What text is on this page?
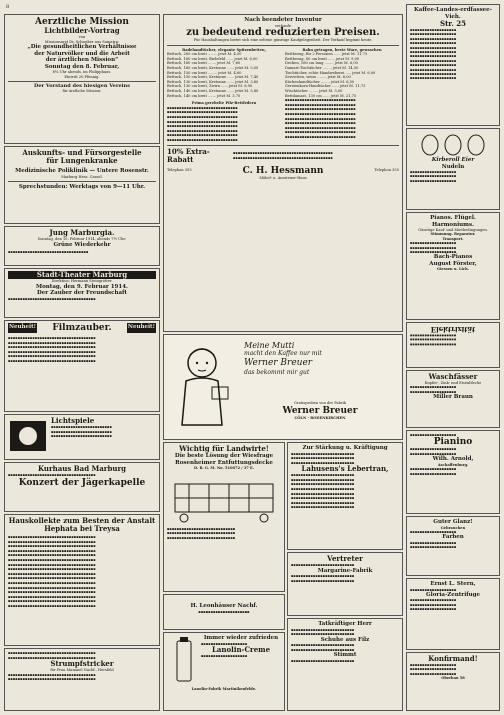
8
Aerztliche Mission
Lichtbilder-Vortrag
von
Missionsarzt Dr. Schreiber aus Sumatra:
„Die gesundheitlichen Verhältnisse
der Naturvölker und die Arbeit
der ärztlichen Mission“
Sonntag den 8. Februar,
8¼ Uhr abends, im Philipphaus.
Eintritt 20 Pfennig.
Der Vorstand des hiesigen Vereins
für ärztliche Mission:
Auskunfts- und Fürsorgestelle
für Lungenkranke
Medizinische Poliklinik — Untere Rosenstr.
Marburg Hess. Cassel.
Sprechstunden: Werktags von 9—11 Uhr.
Jung Marburgia.
Sonntag, den 15. Februar 1914, abends 7½ Uhr:
Grüne Wiederkehr
▪▪▪▪▪▪▪▪▪▪▪▪▪▪▪▪▪▪▪▪▪▪▪▪▪▪▪▪▪▪▪▪▪
Stadt-Theater Marburg
Direktion: Hermann Steingrötter.
Montag, den 9. Februar 1914.
Der Zauber der Freundschaft
▪▪▪▪▪▪▪▪▪▪▪▪▪▪▪▪▪▪▪▪▪▪▪▪▪▪▪▪▪▪▪▪▪▪▪▪
Neuheit! Filmzauber.	Neuheit!
▪▪▪▪▪▪▪▪▪▪▪▪▪▪▪▪▪▪▪▪▪▪▪▪▪▪▪▪▪▪▪▪▪▪▪▪
▪▪▪▪▪▪▪▪▪▪▪▪▪▪▪▪▪▪▪▪▪▪▪▪▪▪▪▪▪▪▪▪▪▪▪▪
▪▪▪▪▪▪▪▪▪▪▪▪▪▪▪▪▪▪▪▪▪▪▪▪▪▪▪▪▪▪▪▪▪▪▪▪
▪▪▪▪▪▪▪▪▪▪▪▪▪▪▪▪▪▪▪▪▪▪▪▪▪▪▪▪▪▪▪▪▪▪▪▪
▪▪▪▪▪▪▪▪▪▪▪▪▪▪▪▪▪▪▪▪▪▪▪▪▪▪▪▪▪▪▪▪▪▪▪▪
▪▪▪▪▪▪▪▪▪▪▪▪▪▪▪▪▪▪▪▪▪▪▪▪▪▪▪▪▪▪▪▪▪▪▪▪
Lichtspiele
▪▪▪▪▪▪▪▪▪▪▪▪▪▪▪▪▪▪▪▪▪▪▪▪▪
▪▪▪▪▪▪▪▪▪▪▪▪▪▪▪▪▪▪▪▪▪▪▪▪▪
▪▪▪▪▪▪▪▪▪▪▪▪▪▪▪▪▪▪▪▪▪▪▪▪▪
Kurhaus Bad Marburg
▪▪▪▪▪▪▪▪▪▪▪▪▪▪▪▪▪▪▪▪▪▪▪▪▪▪▪▪▪▪▪▪▪▪▪▪
Konzert der Jägerkapelle
Hauskollekte zum Besten der Anstalt Hephata bei Treysa
▪▪▪▪▪▪▪▪▪▪▪▪▪▪▪▪▪▪▪▪▪▪▪▪▪▪▪▪▪▪▪▪▪▪▪▪
▪▪▪▪▪▪▪▪▪▪▪▪▪▪▪▪▪▪▪▪▪▪▪▪▪▪▪▪▪▪▪▪▪▪▪▪
▪▪▪▪▪▪▪▪▪▪▪▪▪▪▪▪▪▪▪▪▪▪▪▪▪▪▪▪▪▪▪▪▪▪▪▪
▪▪▪▪▪▪▪▪▪▪▪▪▪▪▪▪▪▪▪▪▪▪▪▪▪▪▪▪▪▪▪▪▪▪▪▪
▪▪▪▪▪▪▪▪▪▪▪▪▪▪▪▪▪▪▪▪▪▪▪▪▪▪▪▪▪▪▪▪▪▪▪▪
▪▪▪▪▪▪▪▪▪▪▪▪▪▪▪▪▪▪▪▪▪▪▪▪▪▪▪▪▪▪▪▪▪▪▪▪
▪▪▪▪▪▪▪▪▪▪▪▪▪▪▪▪▪▪▪▪▪▪▪▪▪▪▪▪▪▪▪▪▪▪▪▪
▪▪▪▪▪▪▪▪▪▪▪▪▪▪▪▪▪▪▪▪▪▪▪▪▪▪▪▪▪▪▪▪▪▪▪▪
▪▪▪▪▪▪▪▪▪▪▪▪▪▪▪▪▪▪▪▪▪▪▪▪▪▪▪▪▪▪▪▪▪▪▪▪
▪▪▪▪▪▪▪▪▪▪▪▪▪▪▪▪▪▪▪▪▪▪▪▪▪▪▪▪▪▪▪▪▪▪▪▪
▪▪▪▪▪▪▪▪▪▪▪▪▪▪▪▪▪▪▪▪▪▪▪▪▪▪▪▪▪▪▪▪▪▪▪▪
▪▪▪▪▪▪▪▪▪▪▪▪▪▪▪▪▪▪▪▪▪▪▪▪▪▪▪▪▪▪▪▪▪▪▪▪
▪▪▪▪▪▪▪▪▪▪▪▪▪▪▪▪▪▪▪▪▪▪▪▪▪▪▪▪▪▪▪▪▪▪▪▪
▪▪▪▪▪▪▪▪▪▪▪▪▪▪▪▪▪▪▪▪▪▪▪▪▪▪▪▪▪▪▪▪▪▪▪▪
▪▪▪▪▪▪▪▪▪▪▪▪▪▪▪▪▪▪▪▪▪▪▪▪▪▪▪▪▪▪▪▪▪▪▪▪
▪▪▪▪▪▪▪▪▪▪▪▪▪▪▪▪▪▪▪▪▪▪▪▪▪▪▪▪▪▪▪▪▪▪▪▪
▪▪▪▪▪▪▪▪▪▪▪▪▪▪▪▪▪▪▪▪▪▪▪▪▪▪▪▪▪▪▪▪▪▪▪▪
▪▪▪▪▪▪▪▪▪▪▪▪▪▪▪▪▪▪▪▪▪▪▪▪▪▪▪▪▪▪▪▪▪▪▪▪
Strumpfstricker
für Frau Mammel Nachf., Hersfeld
▪▪▪▪▪▪▪▪▪▪▪▪▪▪▪▪▪▪▪▪▪▪▪▪▪▪▪▪▪▪▪▪▪▪▪▪
▪▪▪▪▪▪▪▪▪▪▪▪▪▪▪▪▪▪▪▪▪▪▪▪▪▪▪▪▪▪▪▪▪▪▪▪
Nach beendeter Inventur
verkaufe
zu bedeutend reduzierten Preisen.
Für Haushaltungen bietet sich eine seltene günstige Kaufgelegenheit. Der Verkauf beginnt heute.
Badehandtücher, elegante Spitzenbetten,
Bettuch, 200 cm breit ........ jetzt M. 4,50
Bettuch, 180 cm breit, Bielefeld ...... jetzt M. 6,00
Bettuch, 160 cm breit ....... jetzt M. 7,60
Bettuch, 160 cm breit, Kretonne ...... jetzt M. 5,00
Bettuch, 150 cm breit ........ jetzt M. 4,60
Bettuch, 150 cm breit, Kretonne ...... jetzt M. 7,40
Bettuch, 130 cm breit, Kretonne ...... jetzt M. 3,80
Bettuch, 130 cm breit, Zwirn ...... jetzt M. 8,90
Bettuch, 140 cm breit, Kretonne ...... jetzt M. 5,80
Bettuch, 140 cm breit ....... jetzt M. 3,75
Prima gerebelte Pilz-Bettfedern
▪▪▪▪▪▪▪▪▪▪▪▪▪▪▪▪▪▪▪▪▪▪▪▪▪▪▪▪▪
▪▪▪▪▪▪▪▪▪▪▪▪▪▪▪▪▪▪▪▪▪▪▪▪▪▪▪▪▪
▪▪▪▪▪▪▪▪▪▪▪▪▪▪▪▪▪▪▪▪▪▪▪▪▪▪▪▪▪
▪▪▪▪▪▪▪▪▪▪▪▪▪▪▪▪▪▪▪▪▪▪▪▪▪▪▪▪▪
▪▪▪▪▪▪▪▪▪▪▪▪▪▪▪▪▪▪▪▪▪▪▪▪▪▪▪▪▪
▪▪▪▪▪▪▪▪▪▪▪▪▪▪▪▪▪▪▪▪▪▪▪▪▪▪▪▪▪
▪▪▪▪▪▪▪▪▪▪▪▪▪▪▪▪▪▪▪▪▪▪▪▪▪▪▪▪▪
▪▪▪▪▪▪▪▪▪▪▪▪▪▪▪▪▪▪▪▪▪▪▪▪▪▪▪▪▪
Bahn getragen, beste Ware, gewaschen
Bettbezug, für 2 Personen ...... jetzt M. 11,75
Bettbezug, 80 cm breit ...... jetzt M. 9,00
Decken, 160 cm lang ........ jetzt M. 6,00
Damast-Tischtücher ........ jetzt M. 14,50
Tischtücher, echte Handweberei ..... jetzt M. 6,00
Servietten, weiss ........ jetzt M. 6,00
Küchenhandtücher ........ jetzt M. 6,50
Gerstenkorn-Handtücher ...... jetzt M. 11,75
Wischtücher ........ jetzt M. 3,00
Bettdamast, 130 cm ...... jetzt M. 21,75
▪▪▪▪▪▪▪▪▪▪▪▪▪▪▪▪▪▪▪▪▪▪▪▪▪▪▪▪▪
▪▪▪▪▪▪▪▪▪▪▪▪▪▪▪▪▪▪▪▪▪▪▪▪▪▪▪▪▪
▪▪▪▪▪▪▪▪▪▪▪▪▪▪▪▪▪▪▪▪▪▪▪▪▪▪▪▪▪
▪▪▪▪▪▪▪▪▪▪▪▪▪▪▪▪▪▪▪▪▪▪▪▪▪▪▪▪▪
▪▪▪▪▪▪▪▪▪▪▪▪▪▪▪▪▪▪▪▪▪▪▪▪▪▪▪▪▪
▪▪▪▪▪▪▪▪▪▪▪▪▪▪▪▪▪▪▪▪▪▪▪▪▪▪▪▪▪
▪▪▪▪▪▪▪▪▪▪▪▪▪▪▪▪▪▪▪▪▪▪▪▪▪▪▪▪▪
▪▪▪▪▪▪▪▪▪▪▪▪▪▪▪▪▪▪▪▪▪▪▪▪▪▪▪▪▪
▪▪▪▪▪▪▪▪▪▪▪▪▪▪▪▪▪▪▪▪▪▪▪▪▪▪▪▪▪
10% Extra-Rabatt
▪▪▪▪▪▪▪▪▪▪▪▪▪▪▪▪▪▪▪▪▪▪▪▪▪▪▪▪▪▪▪▪▪▪▪▪▪▪▪▪▪
▪▪▪▪▪▪▪▪▪▪▪▪▪▪▪▪▪▪▪▪▪▪▪▪▪▪▪▪▪▪▪▪▪▪▪▪▪▪▪▪▪
Telephon 355	C. H. Hessmann	Telephon 355
Möbel- u. Aussteuer-Haus
Meine Mutti
macht den Kaffee nur mit
Werner Breuer
das bekommt mir gut
Gratisproben von der Fabrik
Werner Breuer
CÖLN - RODENKIRCHEN
Wichtig für Landwirte!
Die beste Lösung der Wiesfrage
Rosenheimer Entfuttungsdecke
D. R. G. M. No. 510872 / 37 E.
▪▪▪▪▪▪▪▪▪▪▪▪▪▪▪▪▪▪▪▪▪▪▪▪▪▪▪▪
▪▪▪▪▪▪▪▪▪▪▪▪▪▪▪▪▪▪▪▪▪▪▪▪▪▪▪▪
▪▪▪▪▪▪▪▪▪▪▪▪▪▪▪▪▪▪▪▪▪▪▪▪▪▪▪▪
H. Leonhäuser Nachf.
▪▪▪▪▪▪▪▪▪▪▪▪▪▪▪▪▪▪▪▪▪
Immer wieder zufrieden
▪▪▪▪▪▪▪▪▪▪▪▪▪▪▪▪▪▪▪
Lanolin-Creme
▪▪▪▪▪▪▪▪▪▪▪▪▪▪▪▪▪▪▪
Lanolin-Fabrik Martinikenfelde.
Zur Stärkung u. Kräftigung
▪▪▪▪▪▪▪▪▪▪▪▪▪▪▪▪▪▪▪▪▪▪▪▪▪▪
▪▪▪▪▪▪▪▪▪▪▪▪▪▪▪▪▪▪▪▪▪▪▪▪▪▪
▪▪▪▪▪▪▪▪▪▪▪▪▪▪▪▪▪▪▪▪▪▪▪▪▪▪
Lahusens's Lebertran,
▪▪▪▪▪▪▪▪▪▪▪▪▪▪▪▪▪▪▪▪▪▪▪▪▪▪
▪▪▪▪▪▪▪▪▪▪▪▪▪▪▪▪▪▪▪▪▪▪▪▪▪▪
▪▪▪▪▪▪▪▪▪▪▪▪▪▪▪▪▪▪▪▪▪▪▪▪▪▪
▪▪▪▪▪▪▪▪▪▪▪▪▪▪▪▪▪▪▪▪▪▪▪▪▪▪
▪▪▪▪▪▪▪▪▪▪▪▪▪▪▪▪▪▪▪▪▪▪▪▪▪▪
▪▪▪▪▪▪▪▪▪▪▪▪▪▪▪▪▪▪▪▪▪▪▪▪▪▪
▪▪▪▪▪▪▪▪▪▪▪▪▪▪▪▪▪▪▪▪▪▪▪▪▪▪
▪▪▪▪▪▪▪▪▪▪▪▪▪▪▪▪▪▪▪▪▪▪▪▪▪▪
Vertreter
▪▪▪▪▪▪▪▪▪▪▪▪▪▪▪▪▪▪▪▪▪▪▪▪▪▪
Margarine-Fabrik
▪▪▪▪▪▪▪▪▪▪▪▪▪▪▪▪▪▪▪▪▪▪▪▪▪▪
▪▪▪▪▪▪▪▪▪▪▪▪▪▪▪▪▪▪▪▪▪▪▪▪▪▪
Tatkräftiger Herr
▪▪▪▪▪▪▪▪▪▪▪▪▪▪▪▪▪▪▪▪▪▪▪▪▪▪
▪▪▪▪▪▪▪▪▪▪▪▪▪▪▪▪▪▪▪▪▪▪▪▪▪▪
Schuhe aus Filz
▪▪▪▪▪▪▪▪▪▪▪▪▪▪▪▪▪▪▪▪▪▪▪▪▪▪
▪▪▪▪▪▪▪▪▪▪▪▪▪▪▪▪▪▪▪▪▪▪▪▪▪▪
Stimmt
▪▪▪▪▪▪▪▪▪▪▪▪▪▪▪▪▪▪▪▪▪▪▪▪▪▪
Kaffee-Landes-erdfassee-Vieh.
Str. 25
▪▪▪▪▪▪▪▪▪▪▪▪▪▪▪▪▪▪▪
▪▪▪▪▪▪▪▪▪▪▪▪▪▪▪▪▪▪▪
▪▪▪▪▪▪▪▪▪▪▪▪▪▪▪▪▪▪▪
▪▪▪▪▪▪▪▪▪▪▪▪▪▪▪▪▪▪▪
▪▪▪▪▪▪▪▪▪▪▪▪▪▪▪▪▪▪▪
▪▪▪▪▪▪▪▪▪▪▪▪▪▪▪▪▪▪▪
▪▪▪▪▪▪▪▪▪▪▪▪▪▪▪▪▪▪▪
▪▪▪▪▪▪▪▪▪▪▪▪▪▪▪▪▪▪▪
▪▪▪▪▪▪▪▪▪▪▪▪▪▪▪▪▪▪▪
▪▪▪▪▪▪▪▪▪▪▪▪▪▪▪▪▪▪▪
▪▪▪▪▪▪▪▪▪▪▪▪▪▪▪▪▪▪▪
▪▪▪▪▪▪▪▪▪▪▪▪▪▪▪▪▪▪▪
Kirberoll Eier
Nudeln
▪▪▪▪▪▪▪▪▪▪▪▪▪▪▪▪▪▪▪
▪▪▪▪▪▪▪▪▪▪▪▪▪▪▪▪▪▪▪
▪▪▪▪▪▪▪▪▪▪▪▪▪▪▪▪▪▪▪
Pianos. Flügel. Harmoniums.
Günstige Kauf- und Mietbedingungen.
Stimmung. Reparatur.
Transport.
▪▪▪▪▪▪▪▪▪▪▪▪▪▪▪▪▪▪▪
▪▪▪▪▪▪▪▪▪▪▪▪▪▪▪▪▪▪▪
▪▪▪▪▪▪▪▪▪▪▪▪▪▪▪▪▪▪▪
Bach-Pianos
August Förster,
Giessen u. Lich.
Elektrizität
▪▪▪▪▪▪▪▪▪▪▪▪▪▪▪▪▪▪▪
▪▪▪▪▪▪▪▪▪▪▪▪▪▪▪▪▪▪▪
▪▪▪▪▪▪▪▪▪▪▪▪▪▪▪▪▪▪▪
Waschfässer
Kupfer-, Zink- und Eisenbleche
▪▪▪▪▪▪▪▪▪▪▪▪▪▪▪▪▪▪▪
▪▪▪▪▪▪▪▪▪▪▪▪▪▪▪▪▪▪▪
Miller Braun
▪▪▪▪▪▪▪▪▪▪▪▪▪▪▪▪▪▪▪
Pianino
▪▪▪▪▪▪▪▪▪▪▪▪▪▪▪▪▪▪▪
▪▪▪▪▪▪▪▪▪▪▪▪▪▪▪▪▪▪▪
Wilh. Arnold,
Aschaffenburg.
▪▪▪▪▪▪▪▪▪▪▪▪▪▪▪▪▪▪▪
▪▪▪▪▪▪▪▪▪▪▪▪▪▪▪▪▪▪▪
Guter Glanz!
Gebrauchen
▪▪▪▪▪▪▪▪▪▪▪▪▪▪▪▪▪▪▪
Farben
▪▪▪▪▪▪▪▪▪▪▪▪▪▪▪▪▪▪▪
▪▪▪▪▪▪▪▪▪▪▪▪▪▪▪▪▪▪▪
Ernst L. Stern,
▪▪▪▪▪▪▪▪▪▪▪▪▪▪▪▪▪▪▪
Gloria-Zentrifuge
▪▪▪▪▪▪▪▪▪▪▪▪▪▪▪▪▪▪▪
▪▪▪▪▪▪▪▪▪▪▪▪▪▪▪▪▪▪▪
▪▪▪▪▪▪▪▪▪▪▪▪▪▪▪▪▪▪▪
Konfirmand!
▪▪▪▪▪▪▪▪▪▪▪▪▪▪▪▪▪▪▪
▪▪▪▪▪▪▪▪▪▪▪▪▪▪▪▪▪▪▪
▪▪▪▪▪▪▪▪▪▪▪▪▪▪▪▪▪▪▪
Oberbau 58
